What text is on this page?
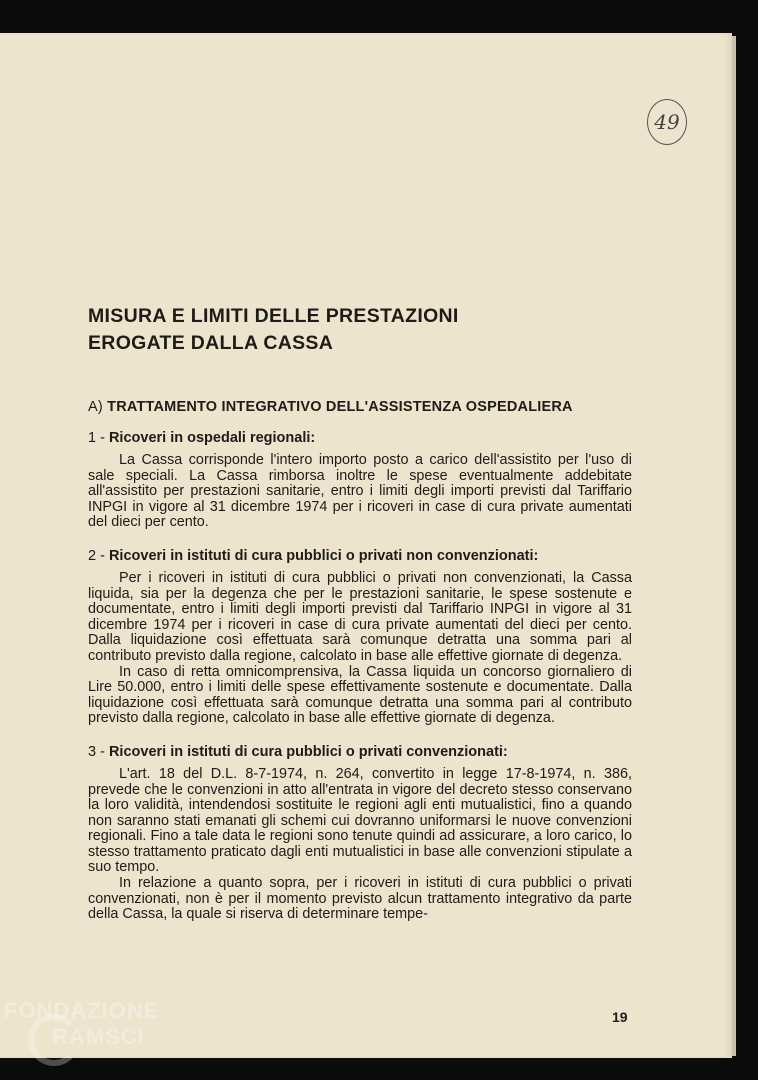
49
MISURA E LIMITI DELLE PRESTAZIONI
EROGATE DALLA CASSA
A) TRATTAMENTO INTEGRATIVO DELL'ASSISTENZA OSPEDALIERA
1 - Ricoveri in ospedali regionali:

La Cassa corrisponde l'intero importo posto a carico dell'assistito per l'uso di sale speciali. La Cassa rimborsa inoltre le spese eventualmente addebitate all'assistito per prestazioni sanitarie, entro i limiti degli importi previsti dal Tariffario INPGI in vigore al 31 dicembre 1974 per i ricoveri in case di cura private aumentati del dieci per cento.

2 - Ricoveri in istituti di cura pubblici o privati non convenzionati:

Per i ricoveri in istituti di cura pubblici o privati non convenzionati, la Cassa liquida, sia per la degenza che per le prestazioni sanitarie, le spese sostenute e documentate, entro i limiti degli importi previsti dal Tariffario INPGI in vigore al 31 dicembre 1974 per i ricoveri in case di cura private aumentati del dieci per cento. Dalla liquidazione così effettuata sarà comunque detratta una somma pari al contributo previsto dalla regione, calcolato in base alle effettive giornate di degenza.

In caso di retta omnicomprensiva, la Cassa liquida un concorso giornaliero di Lire 50.000, entro i limiti delle spese effettivamente sostenute e documentate. Dalla liquidazione così effettuata sarà comunque detratta una somma pari al contributo previsto dalla regione, calcolato in base alle effettive giornate di degenza.

3 - Ricoveri in istituti di cura pubblici o privati convenzionati:

L'art. 18 del D.L. 8-7-1974, n. 264, convertito in legge 17-8-1974, n. 386, prevede che le convenzioni in atto all'entrata in vigore del decreto stesso conservano la loro validità, intendendosi sostituite le regioni agli enti mutualistici, fino a quando non saranno stati emanati gli schemi cui dovranno uniformarsi le nuove convenzioni regionali. Fino a tale data le regioni sono tenute quindi ad assicurare, a loro carico, lo stesso trattamento praticato dagli enti mutualistici in base alle convenzioni stipulate a suo tempo.

In relazione a quanto sopra, per i ricoveri in istituti di cura pubblici o privati convenzionati, non è per il momento previsto alcun trattamento integrativo da parte della Cassa, la quale si riserva di determinare tempe-

19
FONDAZIONE
RAMSCI
